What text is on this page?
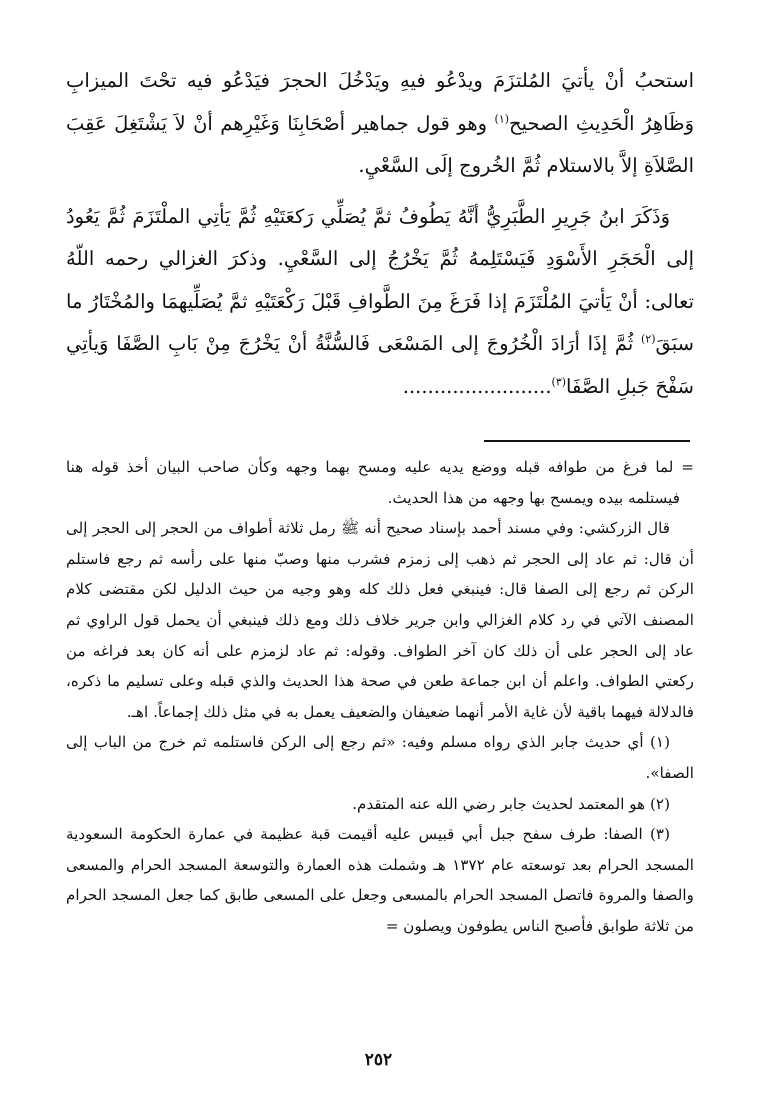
استحبُ أنْ يأتيَ المُلتزَمَ ويدْعُو فيهِ ويَدْخُلَ الحجرَ فيَدْعُو فيه تحْتَ الميزابِ وَظَاهِرُ الْحَدِيثِ الصحيح$^{(١)}$ وهو قول جماهير أصْحَابِنَا وَغَيْرِهم أنْ لاَ يَشْتَغِلَ عَقِبَ الصَّلاَةِ إلاَّ بالاستلام ثُمَّ الخُروج إلَى السَّعْيِ.

وَذَكَرَ ابنُ جَرِيرِ الطَّبَرِيُّ أنَّهُ يَطُوفُ ثمَّ يُصَلِّي رَكعَتَيْهِ ثُمَّ يَأتِي الملْتَزَمَ ثُمَّ يَعُودُ إلى الْحَجَرِ الأَسْوَدِ فَيَسْتَلِمهُ ثُمَّ يَخْرُجُ إلى السَّعْيِ. وذكرَ الغزالي رحمه اللّهُ تعالى: أنْ يَأتيَ المُلْتَزَمَ إذا فَرَغَ مِنَ الطَّوافِ قَبْلَ رَكْعَتَيْهِ ثمَّ يُصَلِّيهمَا والمُخْتَارُ ما سبَقَ$^{(٢)}$ ثُمَّ إذَا أرَادَ الْخُرُوجَ إلى المَسْعَى فَالسُّنَّةُ أنْ يَخْرُجَ مِنْ بَابِ الصَّفَا وَيأتِي سَفْحَ جَبلِ الصَّفَا$^{(٣)}$........................

= لما فرغ من طوافه قبله ووضع يديه عليه ومسح بهما وجهه وكأن صاحب البيان أخذ قوله هنا فيستلمه بيده ويمسح بها وجهه من هذا الحديث.

قال الزركشي: وفي مسند أحمد بإسناد صحيح أنه ﷺ رمل ثلاثة أطواف من الحجر إلى الحجر إلى أن قال: ثم عاد إلى الحجر ثم ذهب إلى زمزم فشرب منها وصبّ منها على رأسه ثم رجع فاستلم الركن ثم رجع إلى الصفا قال: فينبغي فعل ذلك كله وهو وجيه من حيث الدليل لكن مقتضى كلام المصنف الآتي في رد كلام الغزالي وابن جرير خلاف ذلك ومع ذلك فينبغي أن يحمل قول الراوي ثم عاد إلى الحجر على أن ذلك كان آخر الطواف. وقوله: ثم عاد لزمزم على أنه كان بعد فراغه من ركعتي الطواف. واعلم أن ابن جماعة طعن في صحة هذا الحديث والذي قبله وعلى تسليم ما ذكره، فالدلالة فيهما باقية لأن غاية الأمر أنهما ضعيفان والضعيف يعمل به في مثل ذلك إجماعاً. اهـ.

(١) أي حديث جابر الذي رواه مسلم وفيه: «ثم رجع إلى الركن فاستلمه ثم خرج من الباب إلى الصفا».

(٢) هو المعتمد لحديث جابر رضي الله عنه المتقدم.

(٣) الصفا: طرف سفح جبل أبي قبيس عليه أقيمت قبة عظيمة في عمارة الحكومة السعودية المسجد الحرام بعد توسعته عام ١٣٧٢ هـ وشملت هذه العمارة والتوسعة المسجد الحرام والمسعى والصفا والمروة فاتصل المسجد الحرام بالمسعى وجعل على المسعى طابق كما جعل المسجد الحرام من ثلاثة طوابق فأصبح الناس يطوفون ويصلون =

٢٥٢
